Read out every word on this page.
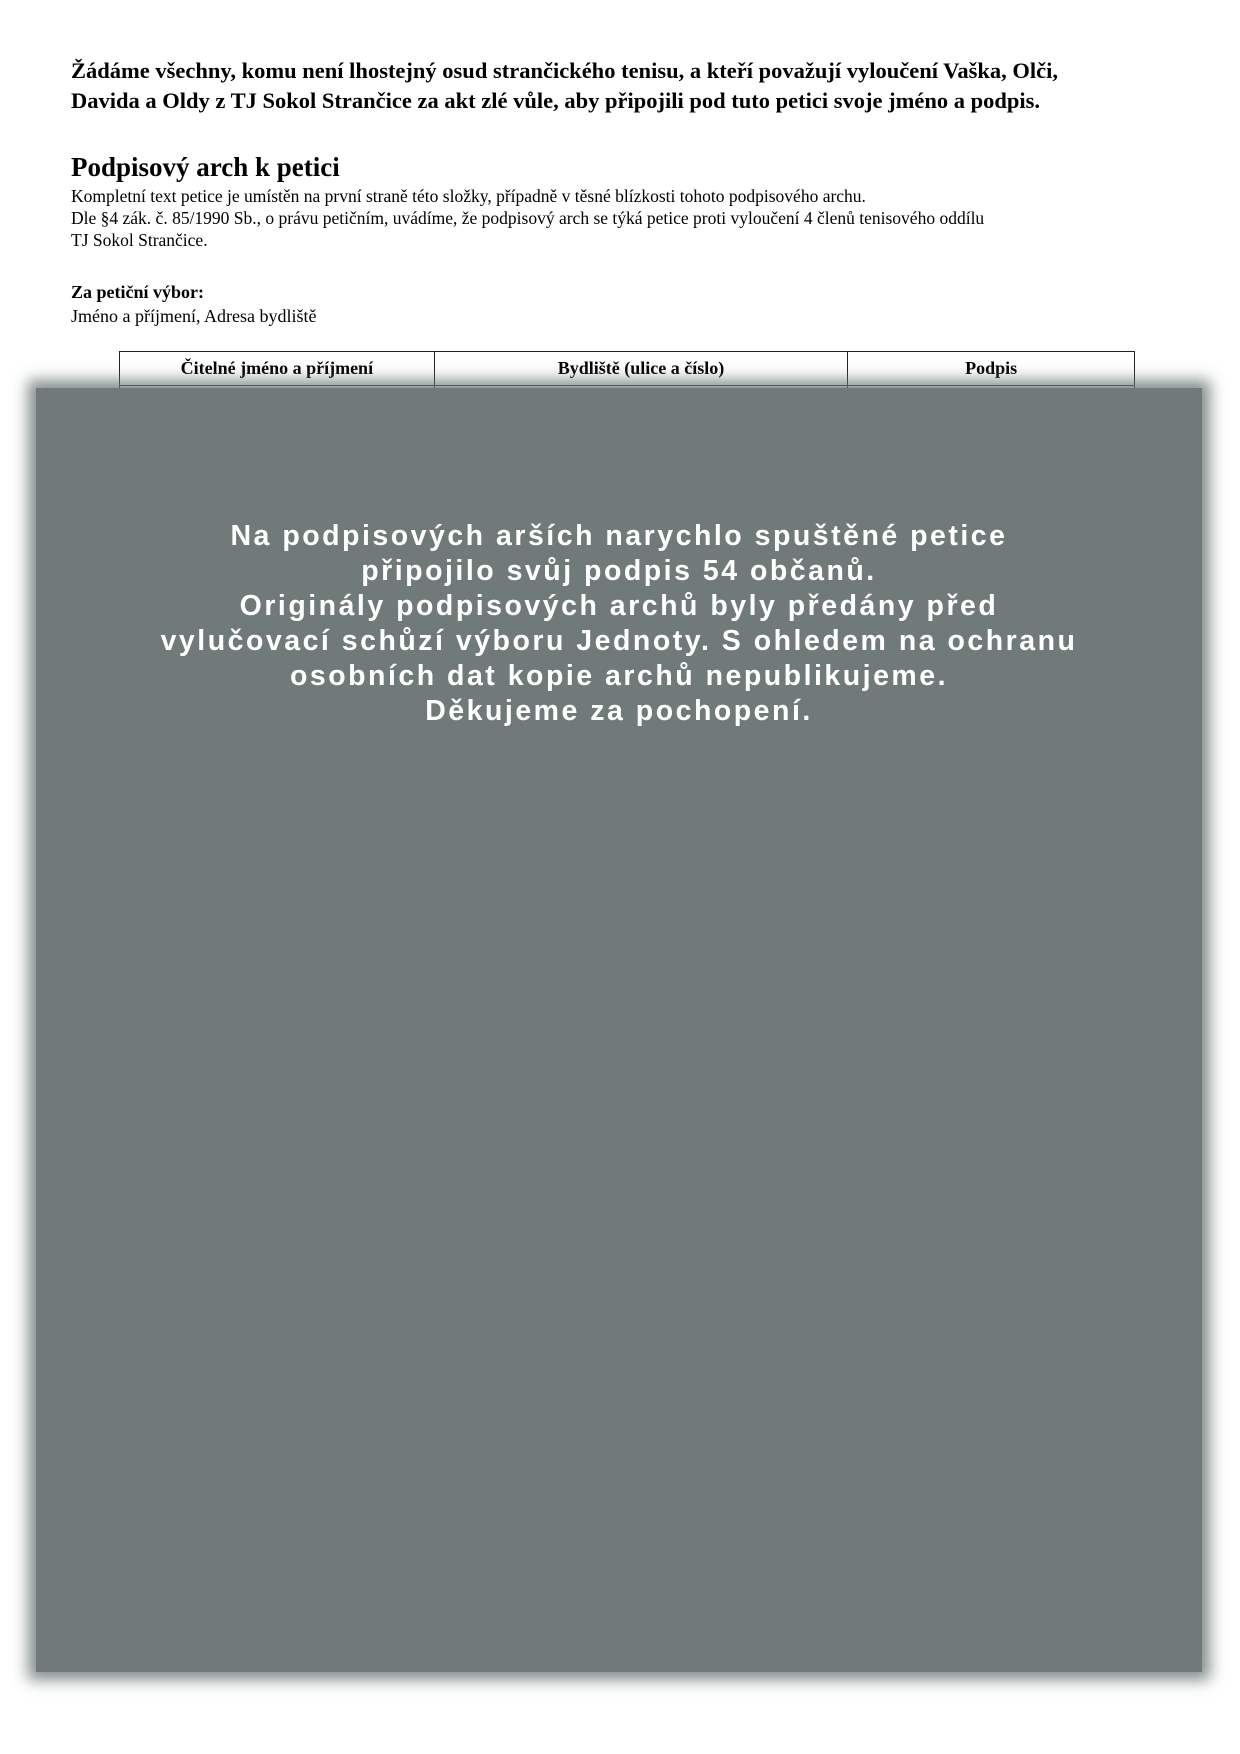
Žádáme všechny, komu není lhostejný osud strančického tenisu, a kteří považují vyloučení Vaška, Olči,
Davida a Oldy z TJ Sokol Strančice za akt zlé vůle, aby připojili pod tuto petici svoje jméno a podpis.
Podpisový arch k petici
Kompletní text petice je umístěn na první straně této složky, případně v těsné blízkosti tohoto podpisového archu.
Dle §4 zák. č. 85/1990 Sb., o právu petičním, uvádíme, že podpisový arch se týká petice proti vyloučení 4 členů tenisového oddílu
TJ Sokol Strančice.
Za petiční výbor:
Jméno a příjmení, Adresa bydliště
Čitelné jméno a příjmení	Bydliště (ulice a číslo)	Podpis

Na podpisových arších narychlo spuštěné petice
připojilo svůj podpis 54 občanů.
Originály podpisových archů byly předány před
vylučovací schůzí výboru Jednoty. S ohledem na ochranu
osobních dat kopie archů nepublikujeme.
Děkujeme za pochopení.
